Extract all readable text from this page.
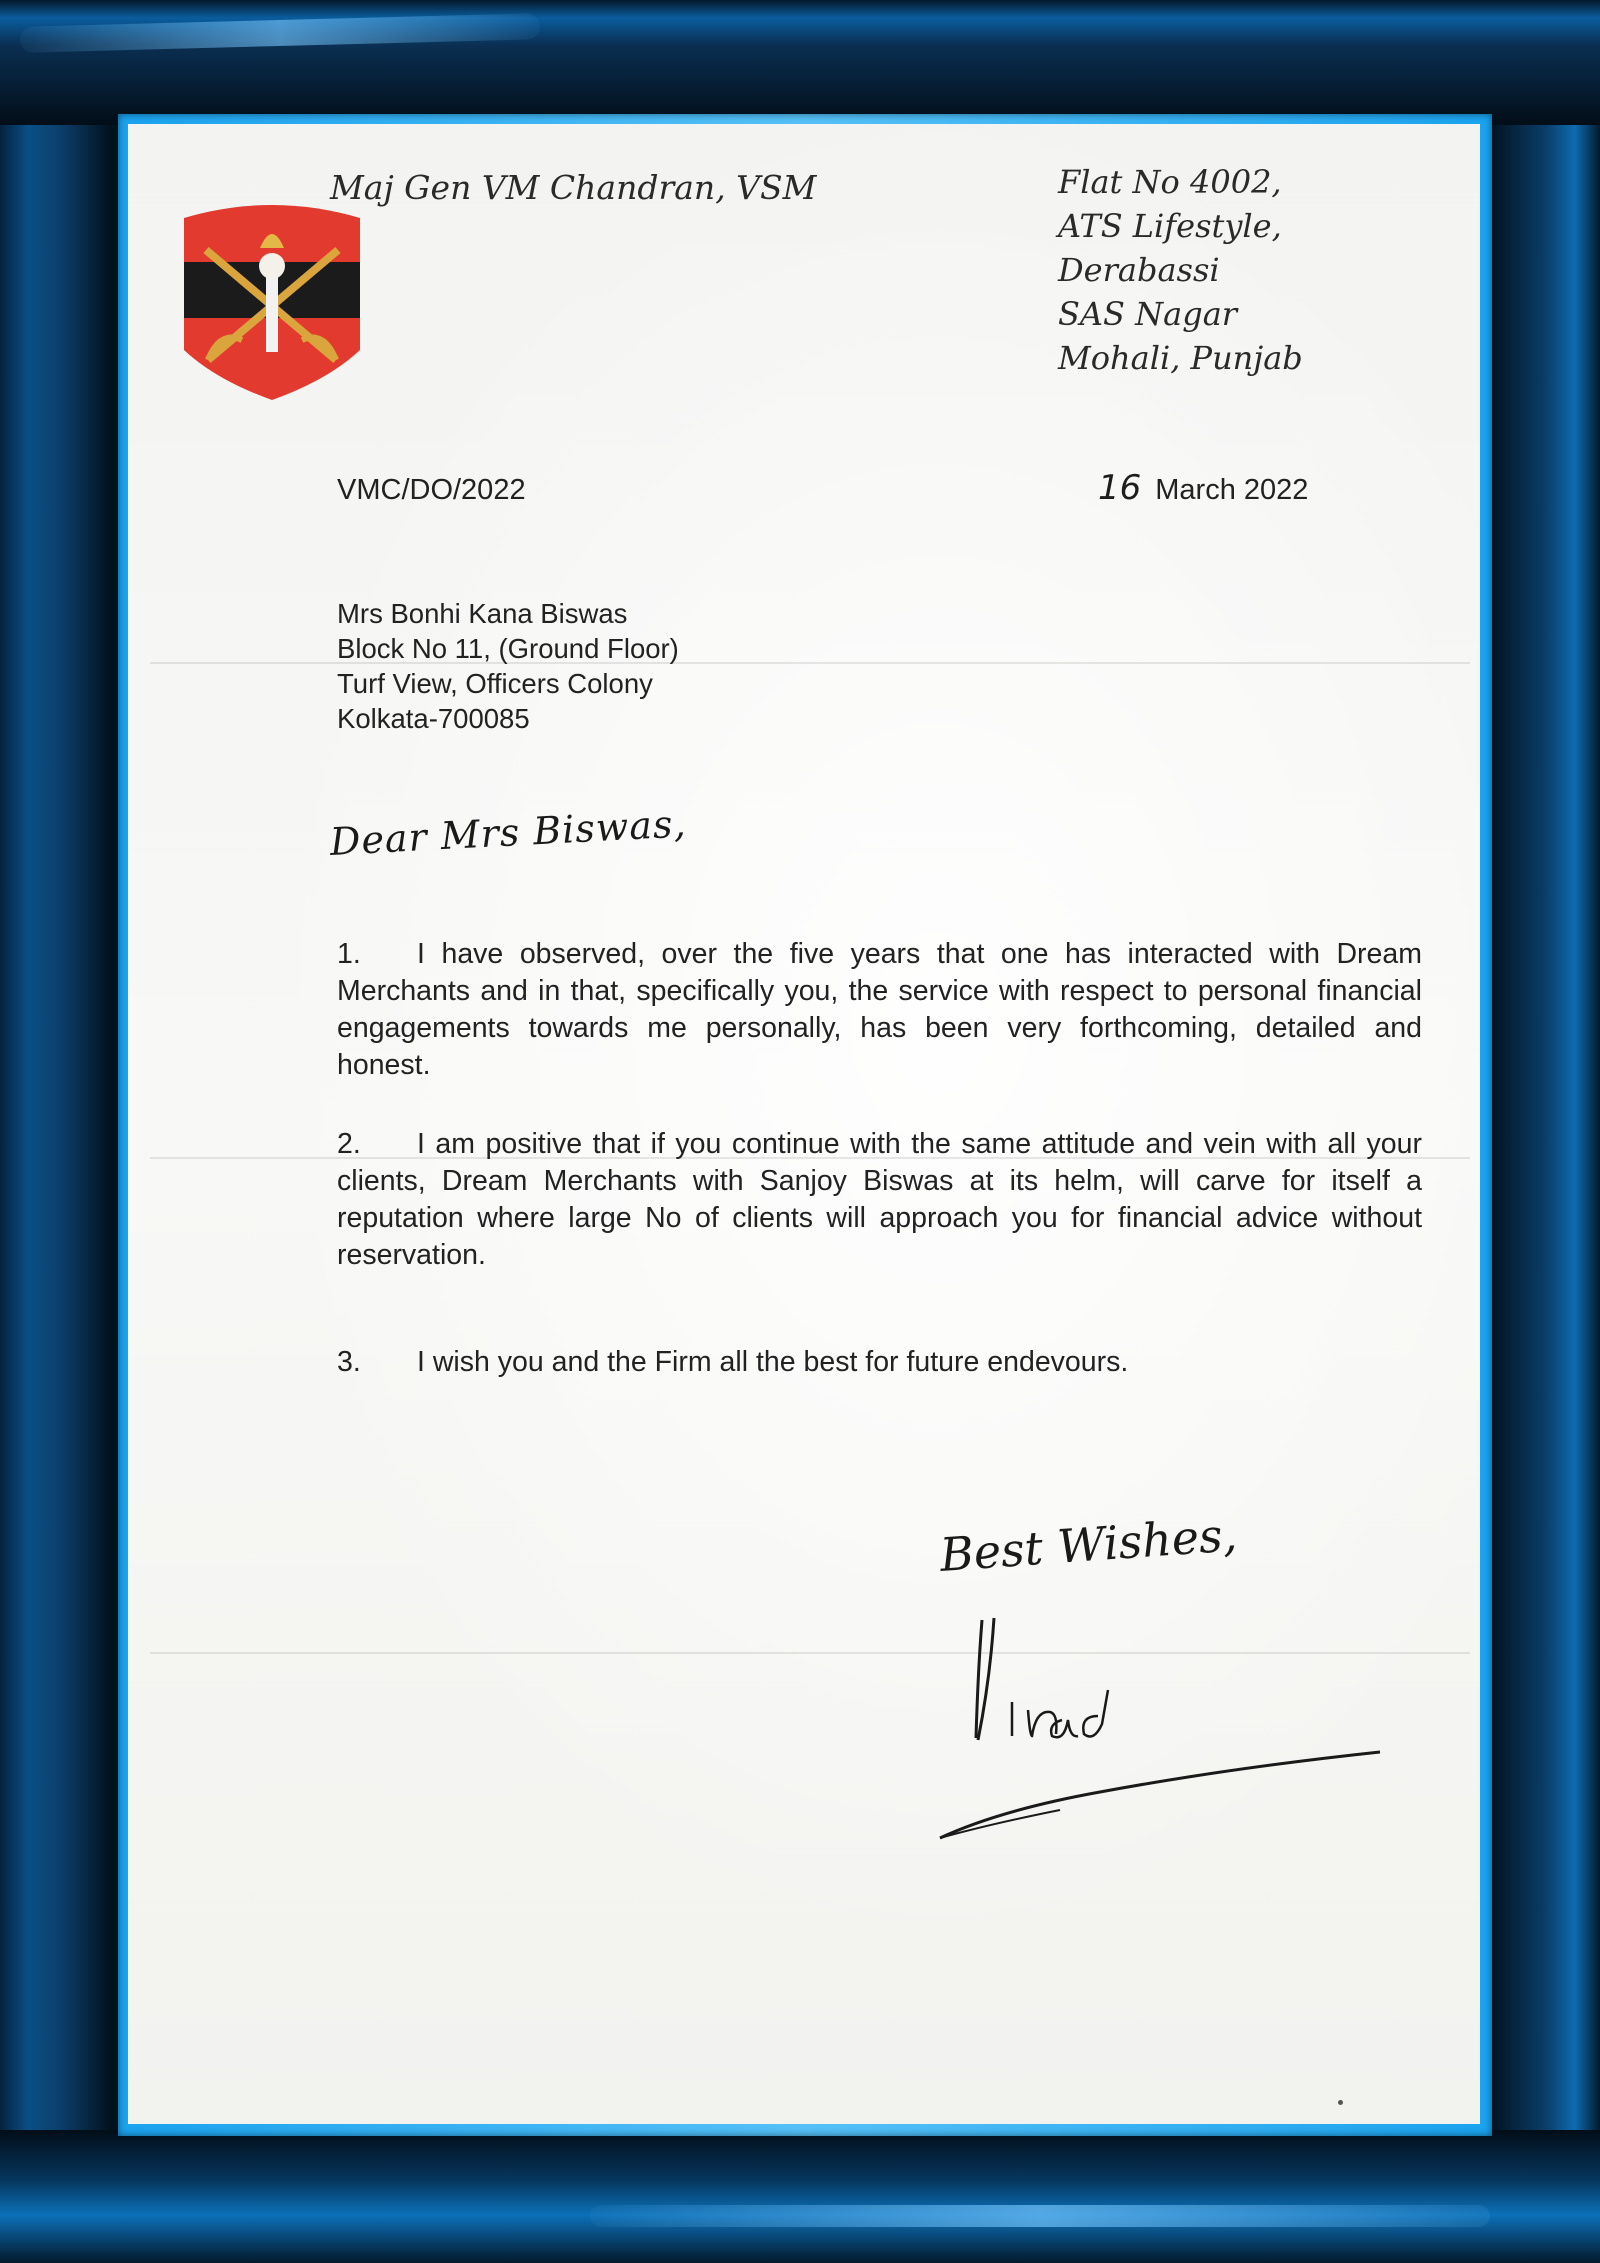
Maj Gen VM Chandran, VSM	Flat No 4002,
ATS Lifestyle,
Derabassi
SAS Nagar
Mohali, Punjab
VMC/DO/2022	16 March 2022
Mrs Bonhi Kana Biswas
Block No 11, (Ground Floor)
Turf View, Officers Colony
Kolkata-700085
Dear Mrs Biswas,
1. I have observed, over the five years that one has interacted with Dream Merchants and in that, specifically you, the service with respect to personal financial engagements towards me personally, has been very forthcoming, detailed and honest.
2. I am positive that if you continue with the same attitude and vein with all your clients, Dream Merchants with Sanjoy Biswas at its helm, will carve for itself a reputation where large No of clients will approach you for financial advice without reservation.
3. I wish you and the Firm all the best for future endevours.
Best Wishes,
